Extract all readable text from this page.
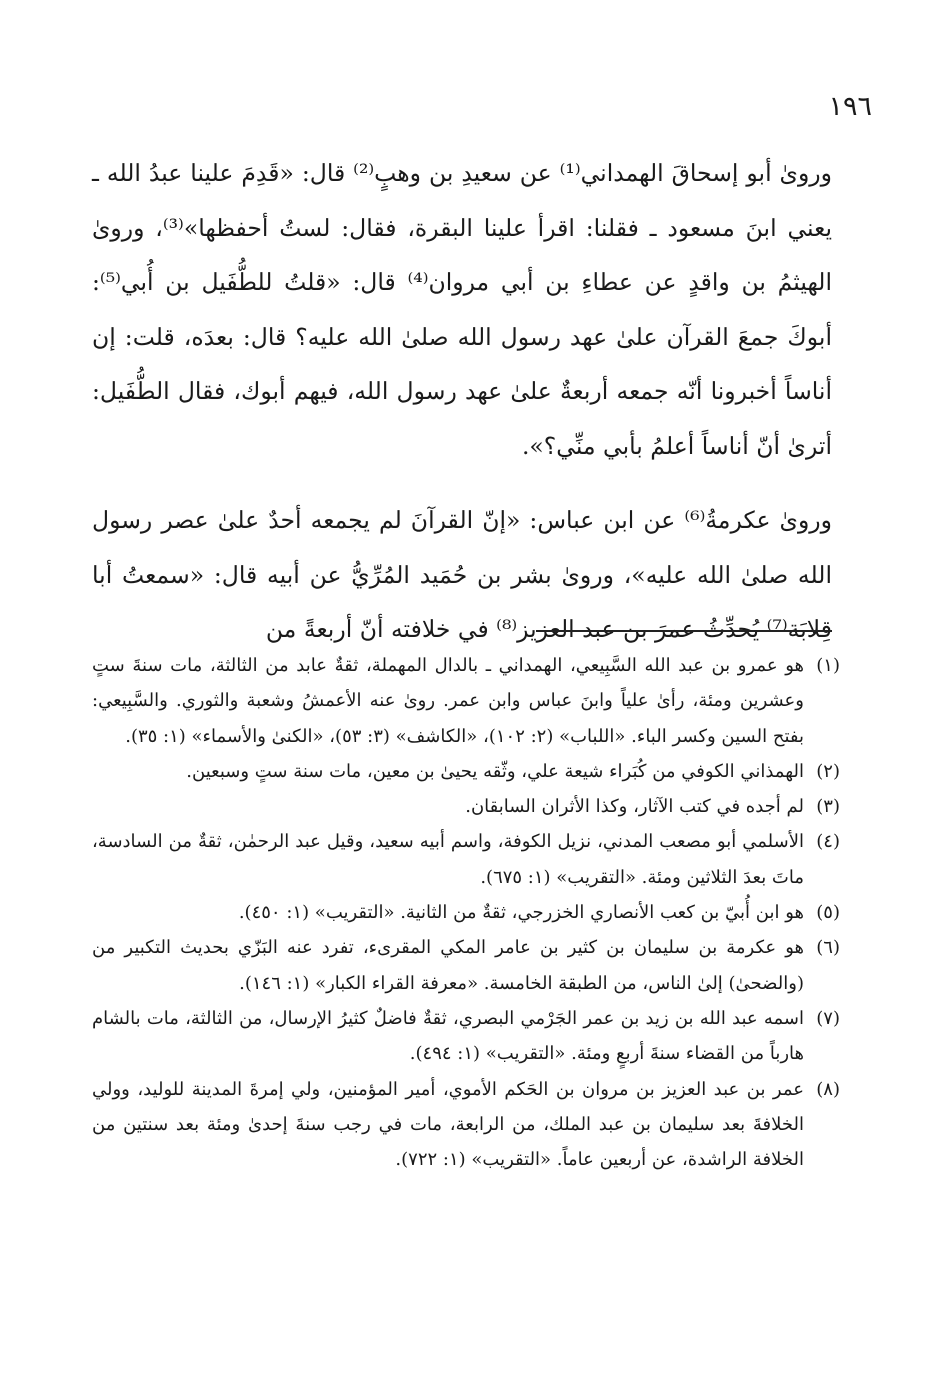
١٩٦

ورویٰ أبو إسحاقَ الهمداني⁽¹⁾ عن سعيدِ بن وهبٍ⁽²⁾ قال: «قَدِمَ علينا عبدُ الله ـ يعني ابنَ مسعود ـ فقلنا: اقرأ علينا البقرة، فقال: لستُ أحفظها»⁽³⁾، وروىٰ الهيثمُ بن واقدٍ عن عطاءِ بن أبي مروان⁽⁴⁾ قال: «قلتُ للطُّفَيل بن أُبي⁽⁵⁾: أبوكَ جمعَ القرآن علىٰ عهد رسول الله صلىٰ الله عليه؟ قال: بعدَه، قلت: إن أناساً أخبرونا أنّه جمعه أربعةٌ علىٰ عهد رسول الله، فيهم أبوك، فقال الطُّفَيل: أترىٰ أنّ أناساً أعلمُ بأبي منِّي؟».

وروىٰ عكرمةُ⁽⁶⁾ عن ابن عباس: «إنّ القرآنَ لم يجمعه أحدٌ علىٰ عصر رسول الله صلىٰ الله عليه»، وروىٰ بشر بن حُمَيد المُرِّيُّ عن أبيه قال: «سمعتُ أبا قِلابَة⁽⁷⁾ يُحدِّثُ عمرَ بن عبد العزيز⁽⁸⁾ في خلافته أنّ أربعةً من

(١)
هو عمرو بن عبد الله السَّبِيعي، الهمداني ـ بالدال المهملة، ثقةٌ عابد من الثالثة، مات سنةَ ستٍ وعشرين ومئة، رأىٰ علياً وابنَ عباس وابن عمر. روىٰ عنه الأعمشُ وشعبة والثوري. والسَّبِيعي: بفتح السين وكسر الباء. «اللباب» (٢: ١٠٢)، «الكاشف» (٣: ٥٣)، «الكنىٰ والأسماء» (١: ٣٥).
(٢)
الهمذاني الكوفي من كُبَراء شيعة علي، وثّقه يحيىٰ بن معين، مات سنة ستٍ وسبعين.
(٣)
لم أجده في كتب الآثار، وكذا الأثران السابقان.
(٤)
الأسلمي أبو مصعب المدني، نزيل الكوفة، واسم أبيه سعيد، وقيل عبد الرحمٰن، ثقةٌ من السادسة، ماتَ بعدَ الثلاثين ومئة. «التقريب» (١: ٦٧٥).
(٥)
هو ابن أُبيّ بن كعب الأنصاري الخزرجي، ثقةٌ من الثانية. «التقريب» (١: ٤٥٠).
(٦)
هو عكرمة بن سليمان بن كثير بن عامر المكي المقرىء، تفرد عنه البَزّي بحديث التكبير من (والضحىٰ) إلىٰ الناس، من الطبقة الخامسة. «معرفة القراء الكبار» (١: ١٤٦).
(٧)
اسمه عبد الله بن زيد بن عمر الجَرْمي البصري، ثقةٌ فاضلٌ كثيرُ الإرسال، من الثالثة، مات بالشام هارباً من القضاء سنةَ أربعٍ ومئة. «التقريب» (١: ٤٩٤).
(٨)
عمر بن عبد العزيز بن مروان بن الحَكم الأموي، أمير المؤمنين، ولي إمرةَ المدينة للوليد، وولي الخلافةَ بعد سليمان بن عبد الملك، من الرابعة، مات في رجب سنةَ إحدىٰ ومئة بعد سنتين من الخلافة الراشدة، عن أربعين عاماً. «التقريب» (١: ٧٢٢).
